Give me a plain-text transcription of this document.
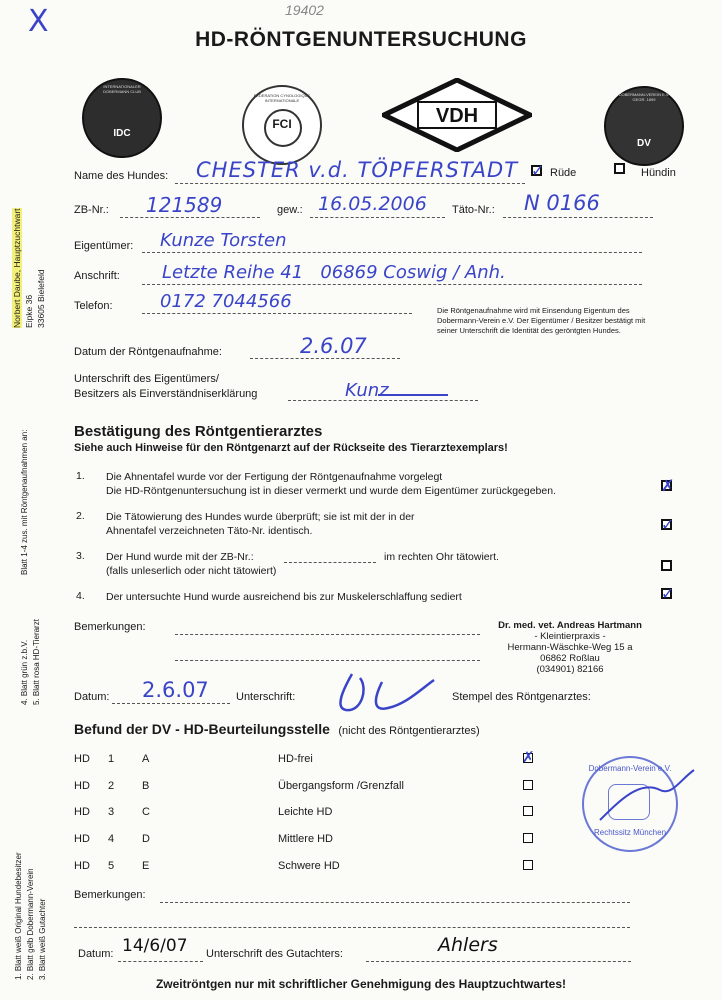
X	19402
HD-RÖNTGENUNTERSUCHUNG
INTERNATIONALER DOBERMANN CLUB
IDC
FEDERATION CYNOLOGIQUE INTERNATIONALE
FCI	VDH
DOBERMANN-VEREIN E.V. GEGR. 1899
DV
Norbert Daube, Hauptzuchtwart Eipke 36 33605 Bielefeld
Blatt 1-4 zus. mit Röntgenaufnahmen an:
4. Blatt grün z.b.V. 5. Blatt rosa HD-Tierarzt
1. Blatt weiß Original Hundebesitzer 2. Blatt gelb Dobermann-Verein 3. Blatt weiß Gutachter
Name des Hundes: CHESTER v.d. TÖPFERSTADT ✓ Rüde	Hündin
ZB-Nr.: 121589	gew.: 16.05.2006 Täto-Nr.: N 0166
Eigentümer: Kunze Torsten
Anschrift: Letzte Reihe 41   06869 Coswig / Anh.
Telefon:	0172 7044566	Die Röntgenaufnahme wird mit Einsendung Eigentum des Dobermann-Verein e.V. Der Eigentümer / Besitzer bestätigt mit seiner Unterschrift die Identität des geröntgten Hundes.
Datum der Röntgenaufnahme:	2.6.07
Unterschrift des Eigentümers/
Besitzers als Einverständniserklärung	Kunz
Bestätigung des Röntgentierarztes
Siehe auch Hinweise für den Röntgenarzt auf der Rückseite des Tierarztexemplars!
1. Die Ahnentafel wurde vor der Fertigung der Röntgenaufnahme vorgelegt
Die HD-Röntgenuntersuchung ist in dieser vermerkt und wurde dem Eigentümer zurückgegeben.	✗
2. Die Tätowierung des Hundes wurde überprüft; sie ist mit der in der
Ahnentafel verzeichneten Täto-Nr. identisch.	✓
3. Der Hund wurde mit der ZB-Nr.:	im rechten Ohr tätowiert.
(falls unleserlich oder nicht tätowiert)
4. Der untersuchte Hund wurde ausreichend bis zur Muskelerschlaffung sediert	✓
Bemerkungen:	Dr. med. vet. Andreas Hartmann
- Kleintierpraxis -
Hermann-Wäschke-Weg 15 a
06862 Roßlau
(034901) 82166
Datum: 2.6.07 Unterschrift:	Stempel des Röntgenarztes:
Befund der DV - HD-Beurteilungsstelle (nicht des Röntgentierarztes)
HD 1	A	HD-frei	✗
HD 2	B	Übergangsform /Grenzfall
HD 3	C	Leichte HD
HD 4	D	Mittlere HD
HD 5	E	Schwere HD
Dobermann-Verein e.V.
Rechtssitz München
Bemerkungen:
Datum: 14/6/07 Unterschrift des Gutachters:	Ahlers
Zweitröntgen nur mit schriftlicher Genehmigung des Hauptzuchtwartes!
